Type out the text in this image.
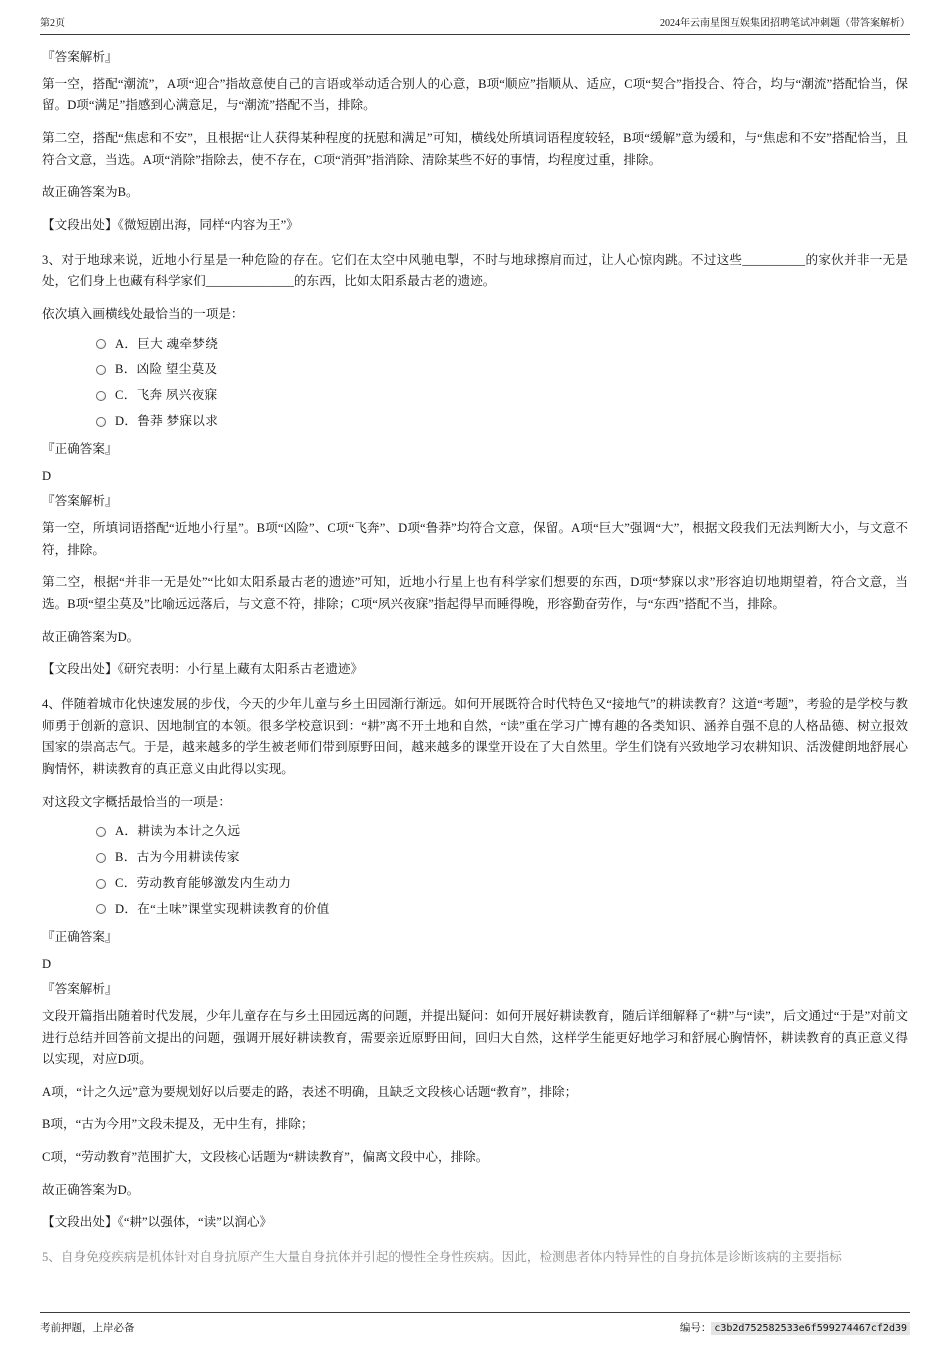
第2页	2024年云南星图互娱集团招聘笔试冲刺题（带答案解析）
『答案解析』
第一空，搭配“潮流”，A项“迎合”指故意使自己的言语或举动适合别人的心意，B项“顺应”指顺从、适应，C项“契合”指投合、符合，均与“潮流”搭配恰当，保留。D项“满足”指感到心满意足，与“潮流”搭配不当，排除。
第二空，搭配“焦虑和不安”，且根据“让人获得某种程度的抚慰和满足”可知，横线处所填词语程度较轻，B项“缓解”意为缓和，与“焦虑和不安”搭配恰当，且符合文意，当选。A项“消除”指除去，使不存在，C项“消弭”指消除、清除某些不好的事情，均程度过重，排除。
故正确答案为B。
【文段出处】《微短剧出海，同样“内容为王”》
3、对于地球来说，近地小行星是一种危险的存在。它们在太空中风驰电掣，不时与地球擦肩而过，让人心惊肉跳。不过这些__________的家伙并非一无是处，它们身上也藏有科学家们______________的东西，比如太阳系最古老的遗迹。
依次填入画横线处最恰当的一项是：
A．巨大 魂牵梦绕
B．凶险 望尘莫及
C．飞奔 夙兴夜寐
D．鲁莽 梦寐以求
『正确答案』
D
『答案解析』
第一空，所填词语搭配“近地小行星”。B项“凶险”、C项“飞奔”、D项“鲁莽”均符合文意，保留。A项“巨大”强调“大”，根据文段我们无法判断大小，与文意不符，排除。
第二空，根据“并非一无是处”“比如太阳系最古老的遗迹”可知，近地小行星上也有科学家们想要的东西，D项“梦寐以求”形容迫切地期望着，符合文意，当选。B项“望尘莫及”比喻远远落后，与文意不符，排除；C项“夙兴夜寐”指起得早而睡得晚，形容勤奋劳作，与“东西”搭配不当，排除。
故正确答案为D。
【文段出处】《研究表明：小行星上藏有太阳系古老遗迹》
4、伴随着城市化快速发展的步伐，今天的少年儿童与乡土田园渐行渐远。如何开展既符合时代特色又“接地气”的耕读教育？这道“考题”，考验的是学校与教师勇于创新的意识、因地制宜的本领。很多学校意识到：“耕”离不开土地和自然，“读”重在学习广博有趣的各类知识、涵养自强不息的人格品德、树立报效国家的崇高志气。于是，越来越多的学生被老师们带到原野田间，越来越多的课堂开设在了大自然里。学生们饶有兴致地学习农耕知识、活泼健朗地舒展心胸情怀，耕读教育的真正意义由此得以实现。
对这段文字概括最恰当的一项是：
A．耕读为本计之久远
B．古为今用耕读传家
C．劳动教育能够激发内生动力
D．在“土味”课堂实现耕读教育的价值
『正确答案』
D
『答案解析』
文段开篇指出随着时代发展，少年儿童存在与乡土田园远离的问题，并提出疑问：如何开展好耕读教育，随后详细解释了“耕”与“读”，后文通过“于是”对前文进行总结并回答前文提出的问题，强调开展好耕读教育，需要亲近原野田间，回归大自然，这样学生能更好地学习和舒展心胸情怀，耕读教育的真正意义得以实现，对应D项。
A项，“计之久远”意为要规划好以后要走的路，表述不明确，且缺乏文段核心话题“教育”，排除；
B项，“古为今用”文段未提及，无中生有，排除；
C项，“劳动教育”范围扩大，文段核心话题为“耕读教育”，偏离文段中心，排除。
故正确答案为D。
【文段出处】《“耕”以强体，“读”以润心》
5、自身免疫疾病是机体针对自身抗原产生大量自身抗体并引起的慢性全身性疾病。因此，检测患者体内特异性的自身抗体是诊断该病的主要指标
考前押题，上岸必备	编号： c3b2d752582533e6f599274467cf2d39
